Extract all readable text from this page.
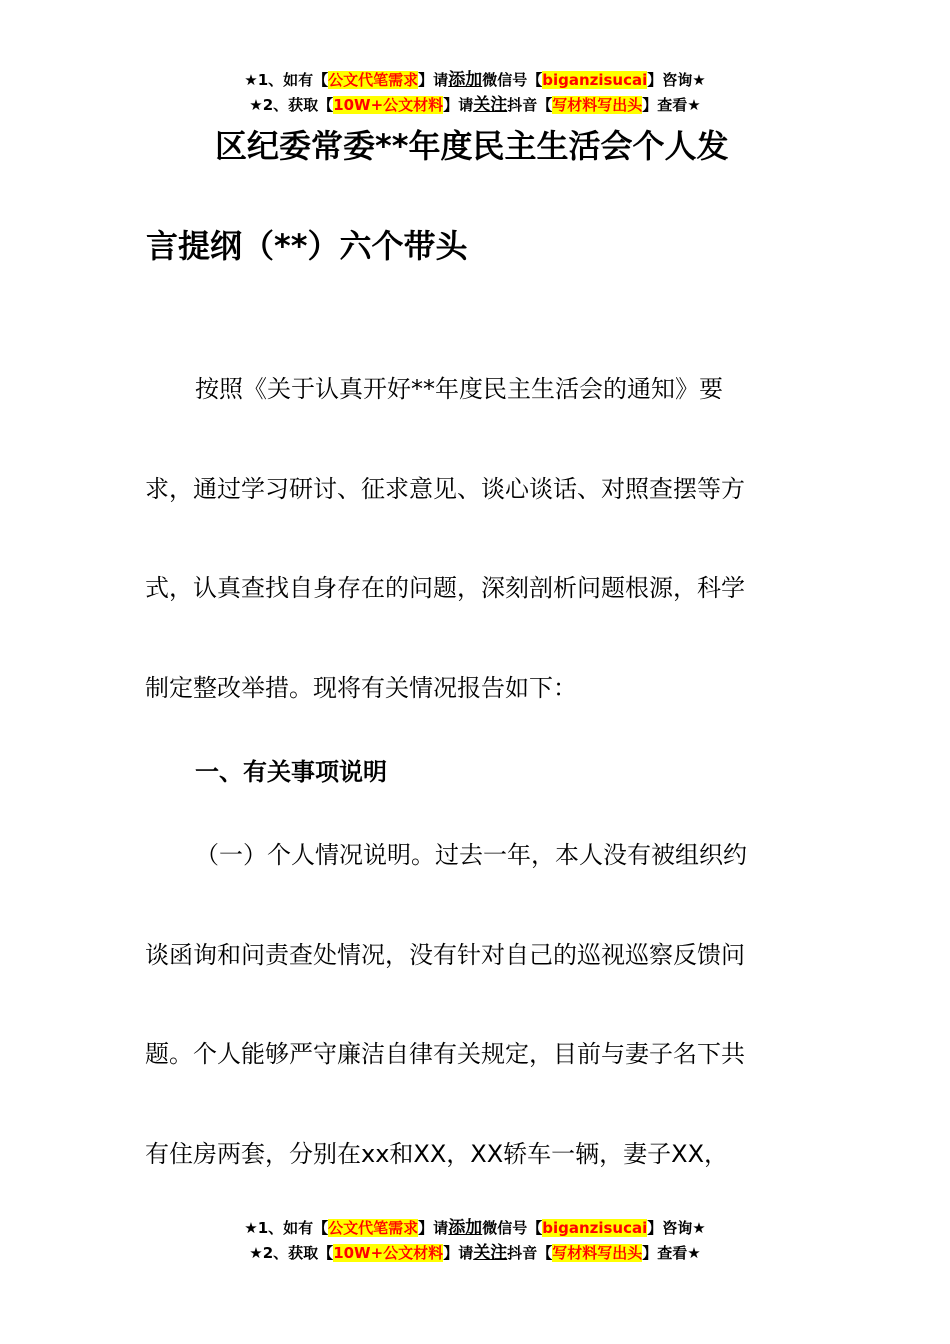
★1、如有【公文代笔需求】请添加微信号【biganzisucai】咨询★
★2、获取【10W+公文材料】请关注抖音【写材料写出头】查看★
区纪委常委**年度民主生活会个人发
言提纲（**）六个带头
按照《关于认真开好**年度民主生活会的通知》要
求，通过学习研讨、征求意见、谈心谈话、对照查摆等方
式，认真查找自身存在的问题，深刻剖析问题根源，科学
制定整改举措。现将有关情况报告如下：
一、有关事项说明
（一）个人情况说明。过去一年，本人没有被组织约
谈函询和问责查处情况，没有针对自己的巡视巡察反馈问
题。个人能够严守廉洁自律有关规定，目前与妻子名下共
有住房两套，分别在xx和XX，XX轿车一辆，妻子XX，
★1、如有【公文代笔需求】请添加微信号【biganzisucai】咨询★
★2、获取【10W+公文材料】请关注抖音【写材料写出头】查看★
